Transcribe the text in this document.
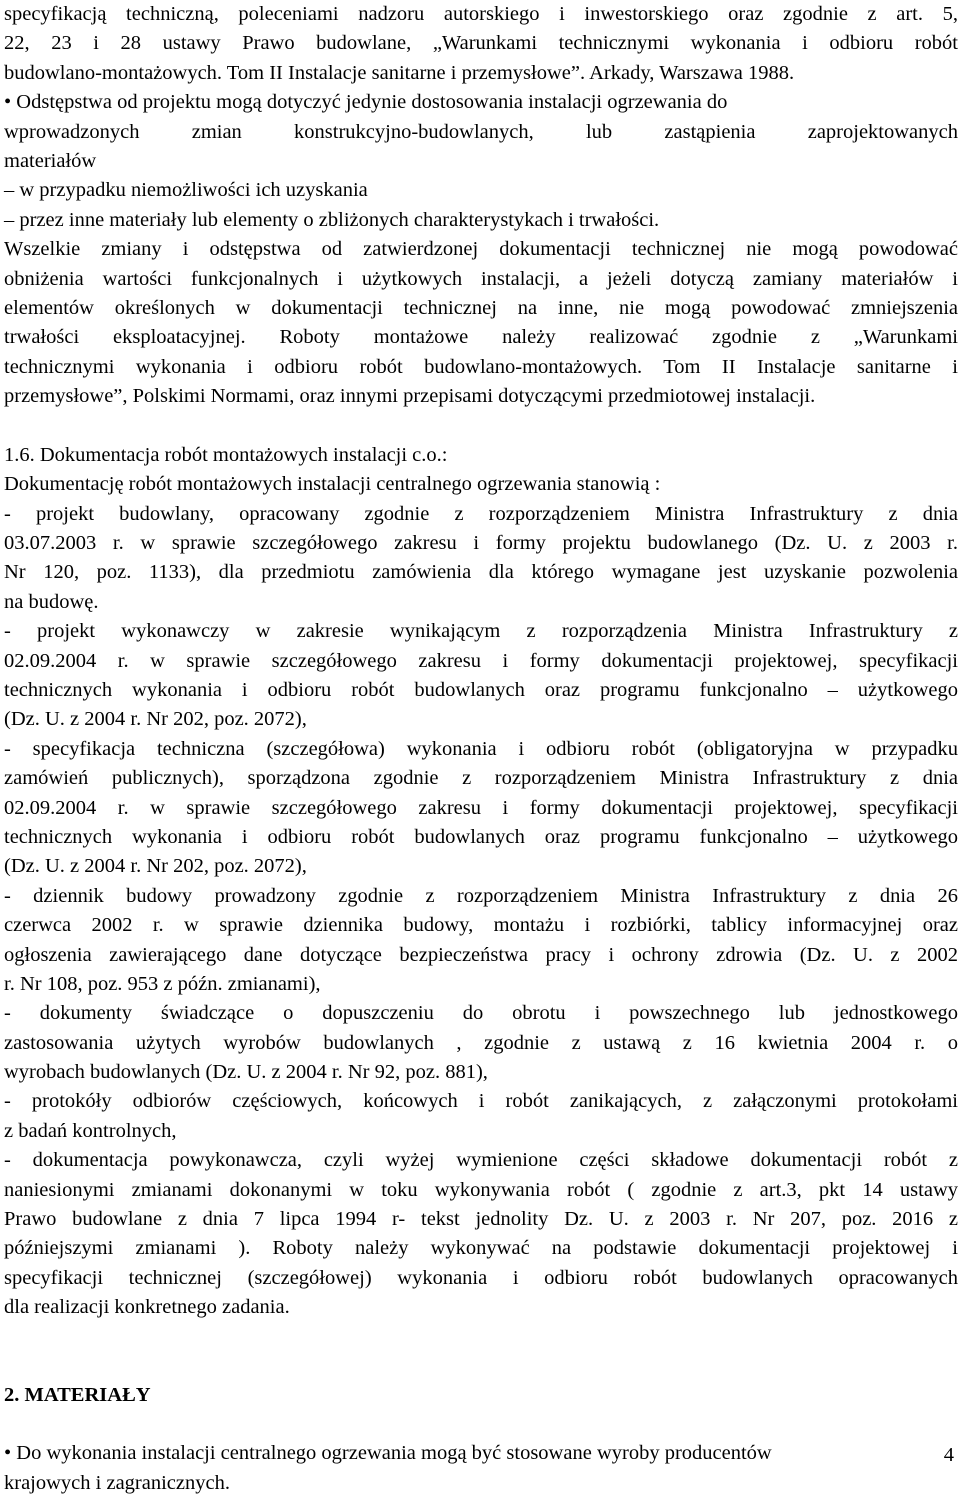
specyfikacją techniczną, poleceniami nadzoru autorskiego i inwestorskiego oraz zgodnie z art. 5,
22, 23 i 28 ustawy Prawo budowlane, „Warunkami technicznymi wykonania i odbioru robót
budowlano-montażowych. Tom II Instalacje sanitarne i przemysłowe”. Arkady, Warszawa 1988.
• Odstępstwa od projektu mogą dotyczyć jedynie dostosowania instalacji ogrzewania do
wprowadzonych zmian konstrukcyjno-budowlanych, lub zastąpienia zaprojektowanych
materiałów
– w przypadku niemożliwości ich uzyskania
– przez inne materiały lub elementy o zbliżonych charakterystykach i trwałości.
Wszelkie zmiany i odstępstwa od zatwierdzonej dokumentacji technicznej nie mogą powodować
obniżenia wartości funkcjonalnych i użytkowych instalacji, a jeżeli dotyczą zamiany materiałów i
elementów określonych w dokumentacji technicznej na inne, nie mogą powodować zmniejszenia
trwałości eksploatacyjnej. Roboty montażowe należy realizować zgodnie z „Warunkami
technicznymi wykonania i odbioru robót budowlano-montażowych. Tom II Instalacje sanitarne i
przemysłowe”, Polskimi Normami, oraz innymi przepisami dotyczącymi przedmiotowej instalacji.
1.6. Dokumentacja robót montażowych instalacji c.o.:
Dokumentację robót montażowych instalacji centralnego ogrzewania stanowią :
- projekt budowlany, opracowany zgodnie z rozporządzeniem Ministra Infrastruktury z dnia
03.07.2003 r. w sprawie szczegółowego zakresu i formy projektu budowlanego (Dz. U. z 2003 r.
Nr 120, poz. 1133), dla przedmiotu zamówienia dla którego wymagane jest uzyskanie pozwolenia
na budowę.
- projekt wykonawczy w zakresie wynikającym z rozporządzenia Ministra Infrastruktury z
02.09.2004 r. w sprawie szczegółowego zakresu i formy dokumentacji projektowej, specyfikacji
technicznych wykonania i odbioru robót budowlanych oraz programu funkcjonalno – użytkowego
(Dz. U. z 2004 r. Nr 202, poz. 2072),
- specyfikacja techniczna (szczegółowa) wykonania i odbioru robót (obligatoryjna w przypadku
zamówień publicznych), sporządzona zgodnie z rozporządzeniem Ministra Infrastruktury z dnia
02.09.2004 r. w sprawie szczegółowego zakresu i formy dokumentacji projektowej, specyfikacji
technicznych wykonania i odbioru robót budowlanych oraz programu funkcjonalno – użytkowego
(Dz. U. z 2004 r. Nr 202, poz. 2072),
- dziennik budowy prowadzony zgodnie z rozporządzeniem Ministra Infrastruktury z dnia 26
czerwca 2002 r. w sprawie dziennika budowy, montażu i rozbiórki, tablicy informacyjnej oraz
ogłoszenia zawierającego dane dotyczące bezpieczeństwa pracy i ochrony zdrowia (Dz. U. z 2002
r. Nr 108, poz. 953 z późn. zmianami),
- dokumenty świadczące o dopuszczeniu do obrotu i powszechnego lub jednostkowego
zastosowania użytych wyrobów budowlanych , zgodnie z ustawą z 16 kwietnia 2004 r. o
wyrobach budowlanych (Dz. U. z 2004 r. Nr 92, poz. 881),
- protokóły odbiorów częściowych, końcowych i robót zanikających, z załączonymi protokołami
z badań kontrolnych,
- dokumentacja powykonawcza, czyli wyżej wymienione części składowe dokumentacji robót z
naniesionymi zmianami dokonanymi w toku wykonywania robót ( zgodnie z art.3, pkt 14 ustawy
Prawo budowlane z dnia 7 lipca 1994 r- tekst jednolity Dz. U. z 2003 r. Nr 207, poz. 2016 z
późniejszymi zmianami ). Roboty należy wykonywać na podstawie dokumentacji projektowej i
specyfikacji technicznej (szczegółowej) wykonania i odbioru robót budowlanych opracowanych
dla realizacji konkretnego zadania.
2. MATERIAŁY
• Do wykonania instalacji centralnego ogrzewania mogą być stosowane wyroby producentów
krajowych i zagranicznych.
4
